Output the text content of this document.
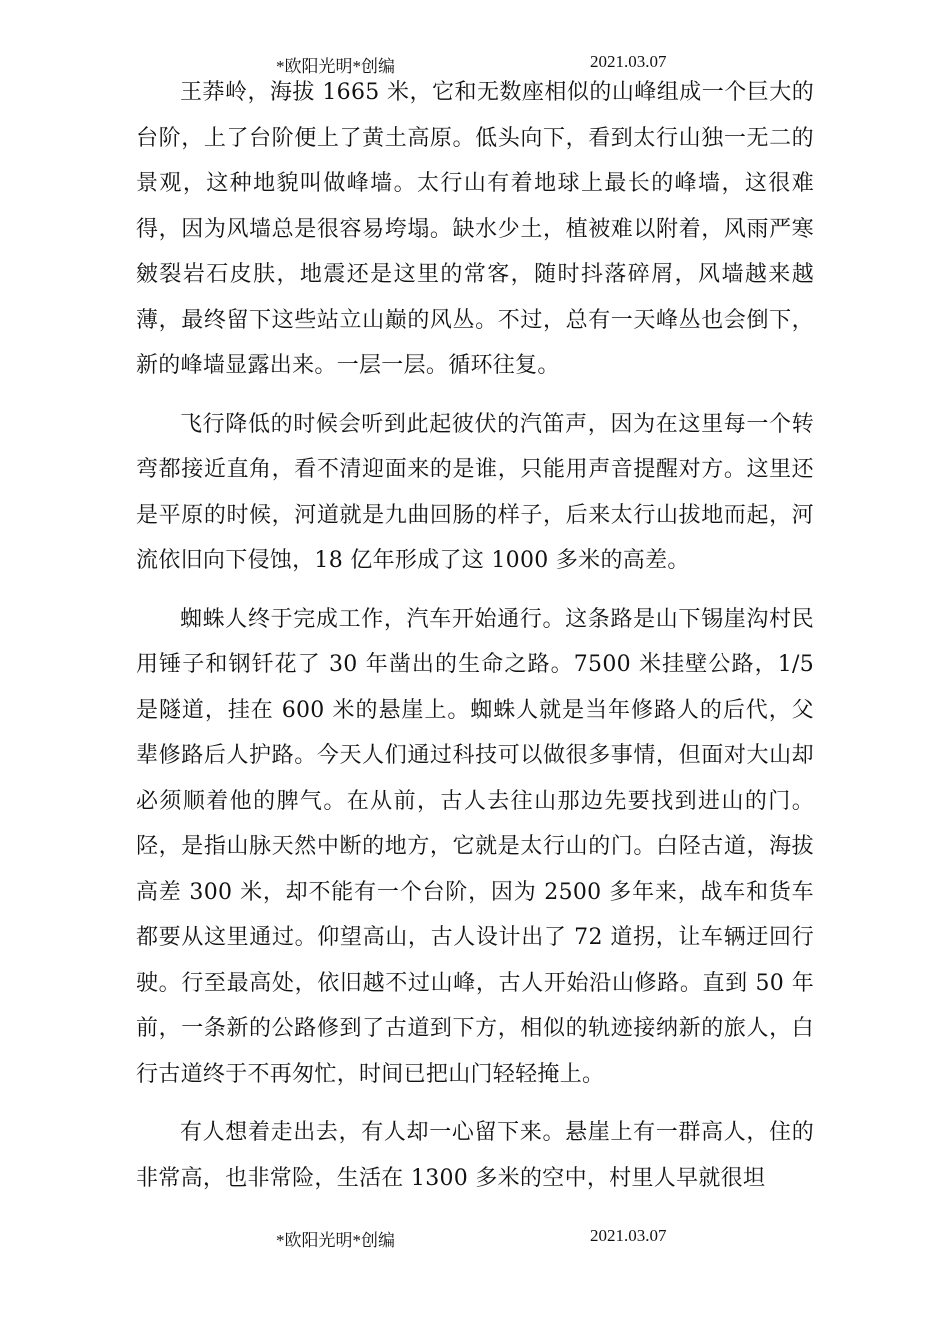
*欧阳光明*创编	2021.03.07

王莽岭，海拔 1665 米，它和无数座相似的山峰组成一个巨大的台阶，上了台阶便上了黄土高原。低头向下，看到太行山独一无二的景观，这种地貌叫做峰墙。太行山有着地球上最长的峰墙，这很难得，因为风墙总是很容易垮塌。缺水少土，植被难以附着，风雨严寒皴裂岩石皮肤，地震还是这里的常客，随时抖落碎屑，风墙越来越薄，最终留下这些站立山巅的风丛。不过，总有一天峰丛也会倒下，新的峰墙显露出来。一层一层。循环往复。

飞行降低的时候会听到此起彼伏的汽笛声，因为在这里每一个转弯都接近直角，看不清迎面来的是谁，只能用声音提醒对方。这里还是平原的时候，河道就是九曲回肠的样子，后来太行山拔地而起，河流依旧向下侵蚀，18 亿年形成了这 1000 多米的高差。

蜘蛛人终于完成工作，汽车开始通行。这条路是山下锡崖沟村民用锤子和钢钎花了 30 年凿出的生命之路。7500 米挂壁公路，1/5 是隧道，挂在 600 米的悬崖上。蜘蛛人就是当年修路人的后代，父辈修路后人护路。今天人们通过科技可以做很多事情，但面对大山却必须顺着他的脾气。在从前，古人去往山那边先要找到进山的门。陉，是指山脉天然中断的地方，它就是太行山的门。白陉古道，海拔高差 300 米，却不能有一个台阶，因为 2500 多年来，战车和货车都要从这里通过。仰望高山，古人设计出了 72 道拐，让车辆迂回行驶。行至最高处，依旧越不过山峰，古人开始沿山修路。直到 50 年前，一条新的公路修到了古道到下方，相似的轨迹接纳新的旅人，白行古道终于不再匆忙，时间已把山门轻轻掩上。

有人想着走出去，有人却一心留下来。悬崖上有一群高人，住的非常高，也非常险，生活在 1300 多米的空中，村里人早就很坦

*欧阳光明*创编	2021.03.07
